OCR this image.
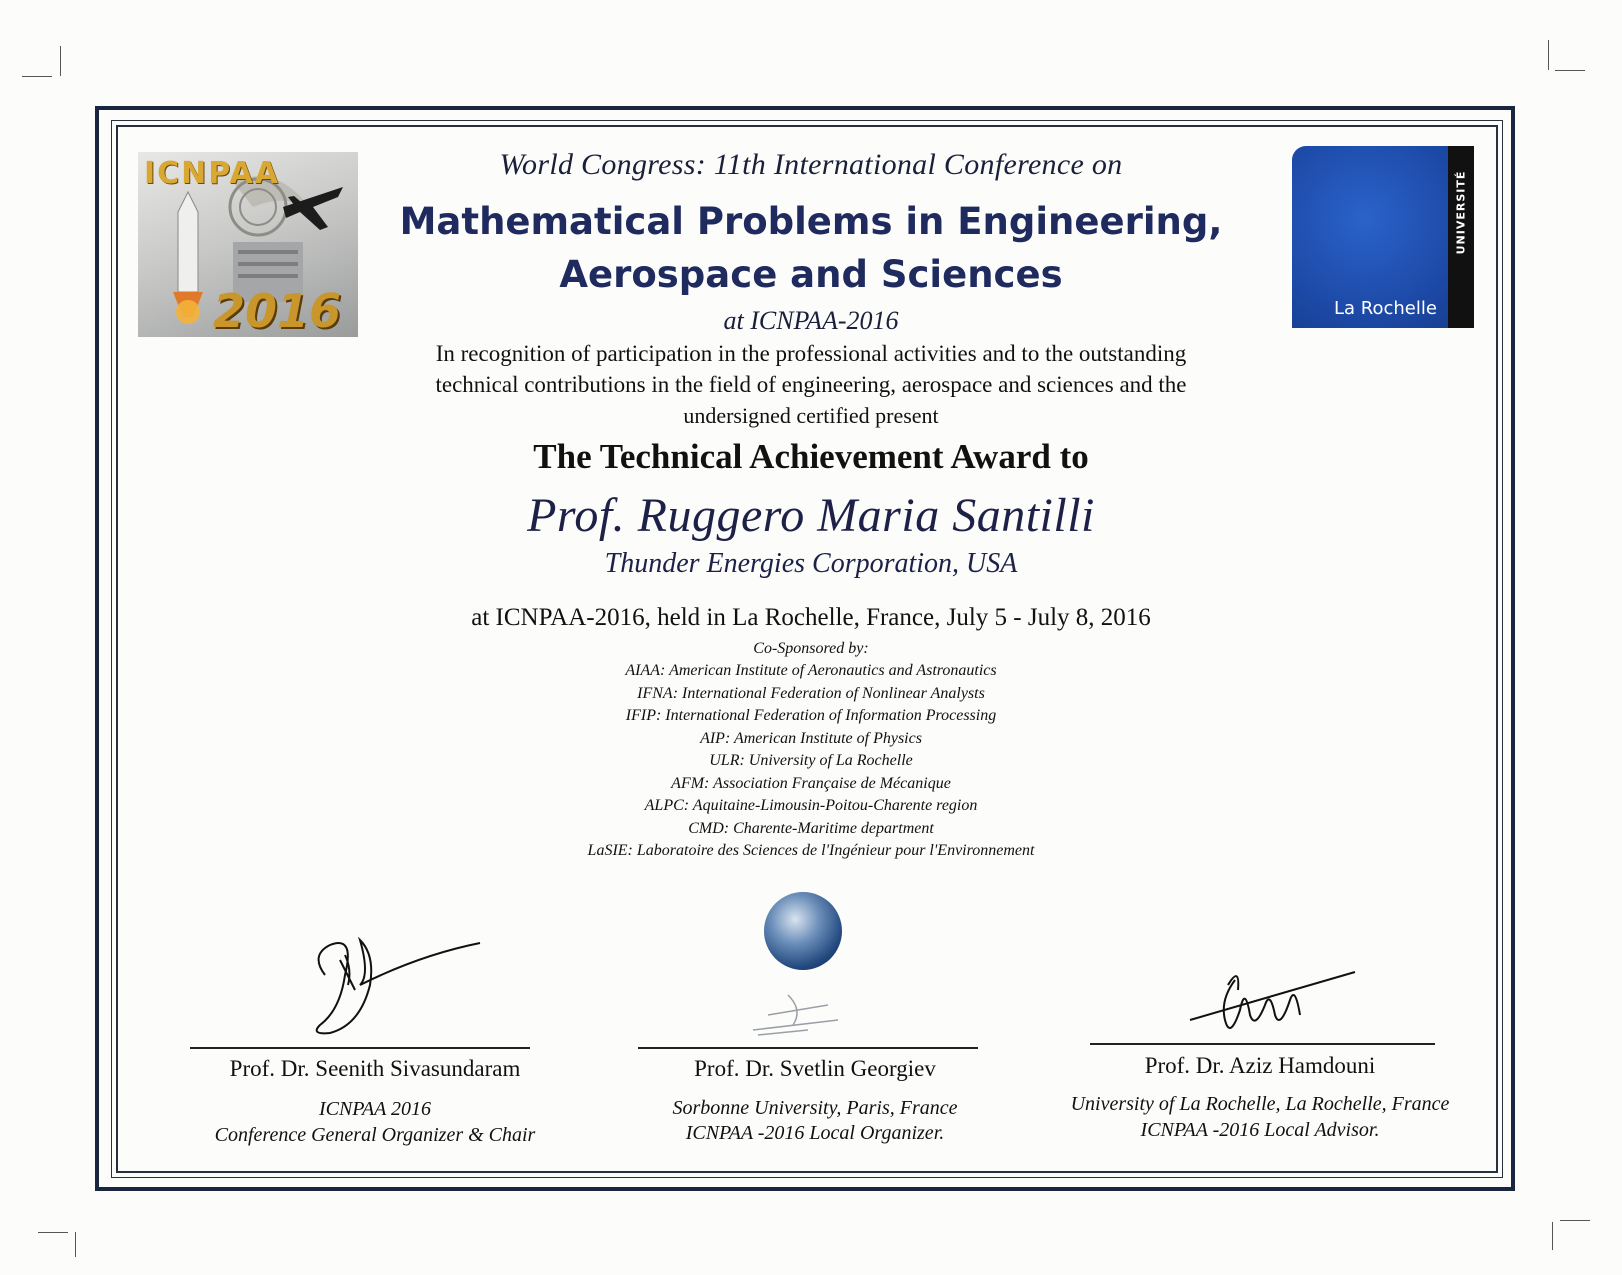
ICNPAA
2016
UNIVERSITÉ
La Rochelle
World Congress: 11th International Conference on
Mathematical Problems in Engineering,
Aerospace and Sciences
at ICNPAA-2016
In recognition of participation in the professional activities and to the outstanding
technical contributions in the field of engineering, aerospace and sciences and the
undersigned certified present
The Technical Achievement Award to
Prof. Ruggero Maria Santilli
Thunder Energies Corporation, USA
at ICNPAA-2016, held in La Rochelle, France, July 5 - July 8, 2016
Co-Sponsored by:
AIAA: American Institute of Aeronautics and Astronautics
IFNA: International Federation of Nonlinear Analysts
IFIP: International Federation of Information Processing
AIP: American Institute of Physics
ULR: University of La Rochelle
AFM: Association Française de Mécanique
ALPC: Aquitaine-Limousin-Poitou-Charente region
CMD: Charente-Maritime department
LaSIE: Laboratoire des Sciences de l'Ingénieur pour l'Environnement
Prof. Dr. Seenith Sivasundaram
ICNPAA 2016
Conference General Organizer & Chair
Prof. Dr. Svetlin Georgiev
Sorbonne University, Paris, France
ICNPAA -2016 Local Organizer.
Prof. Dr. Aziz Hamdouni
University of La Rochelle, La Rochelle, France
ICNPAA -2016 Local Advisor.
